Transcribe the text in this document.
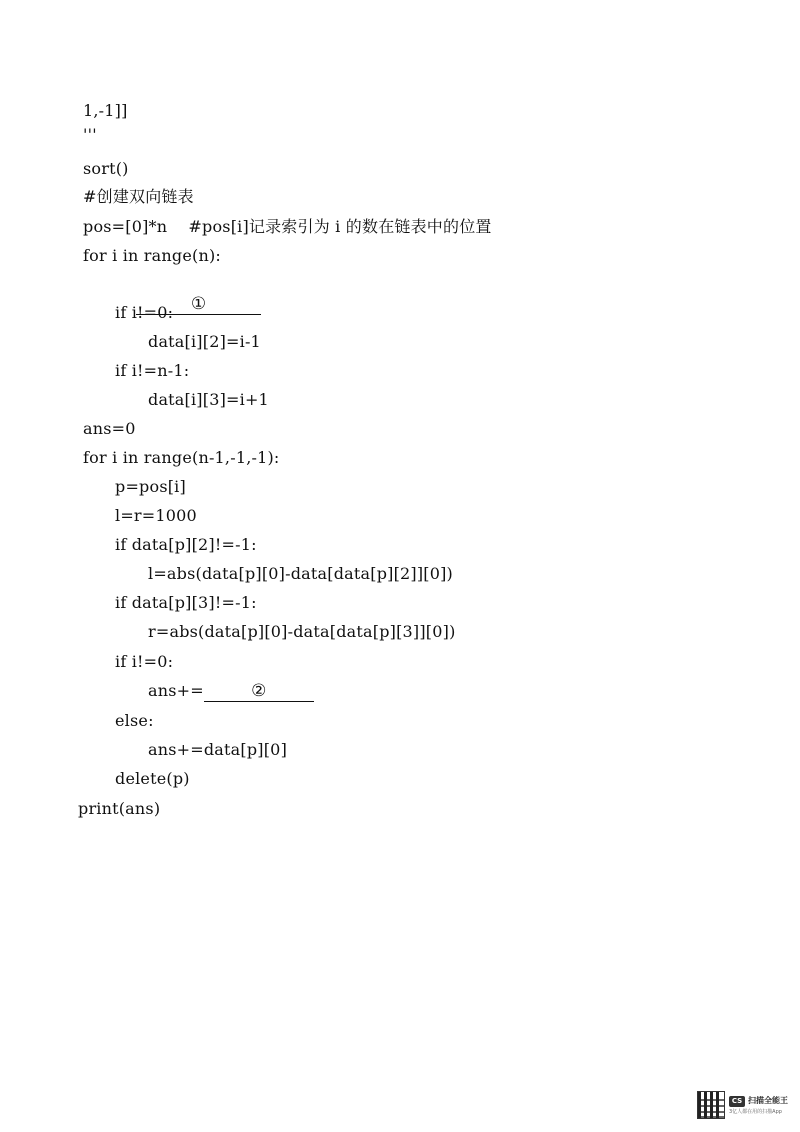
1,-1]]
'''
sort()
#创建双向链表
pos=[0]*n    #pos[i]记录索引为 i 的数在链表中的位置
for i in range(n):

①

if i!=0:
data[i][2]=i-1
if i!=n-1:
data[i][3]=i+1
ans=0
for i in range(n-1,-1,-1):
p=pos[i]
l=r=1000
if data[p][2]!=-1:
l=abs(data[p][0]-data[data[p][2]][0])
if data[p][3]!=-1:
r=abs(data[p][0]-data[data[p][3]][0])
if i!=0:
ans+=	②
else:
ans+=data[p][0]
delete(p)
print(ans)
CS 扫描全能王
3亿人都在用的扫描App
